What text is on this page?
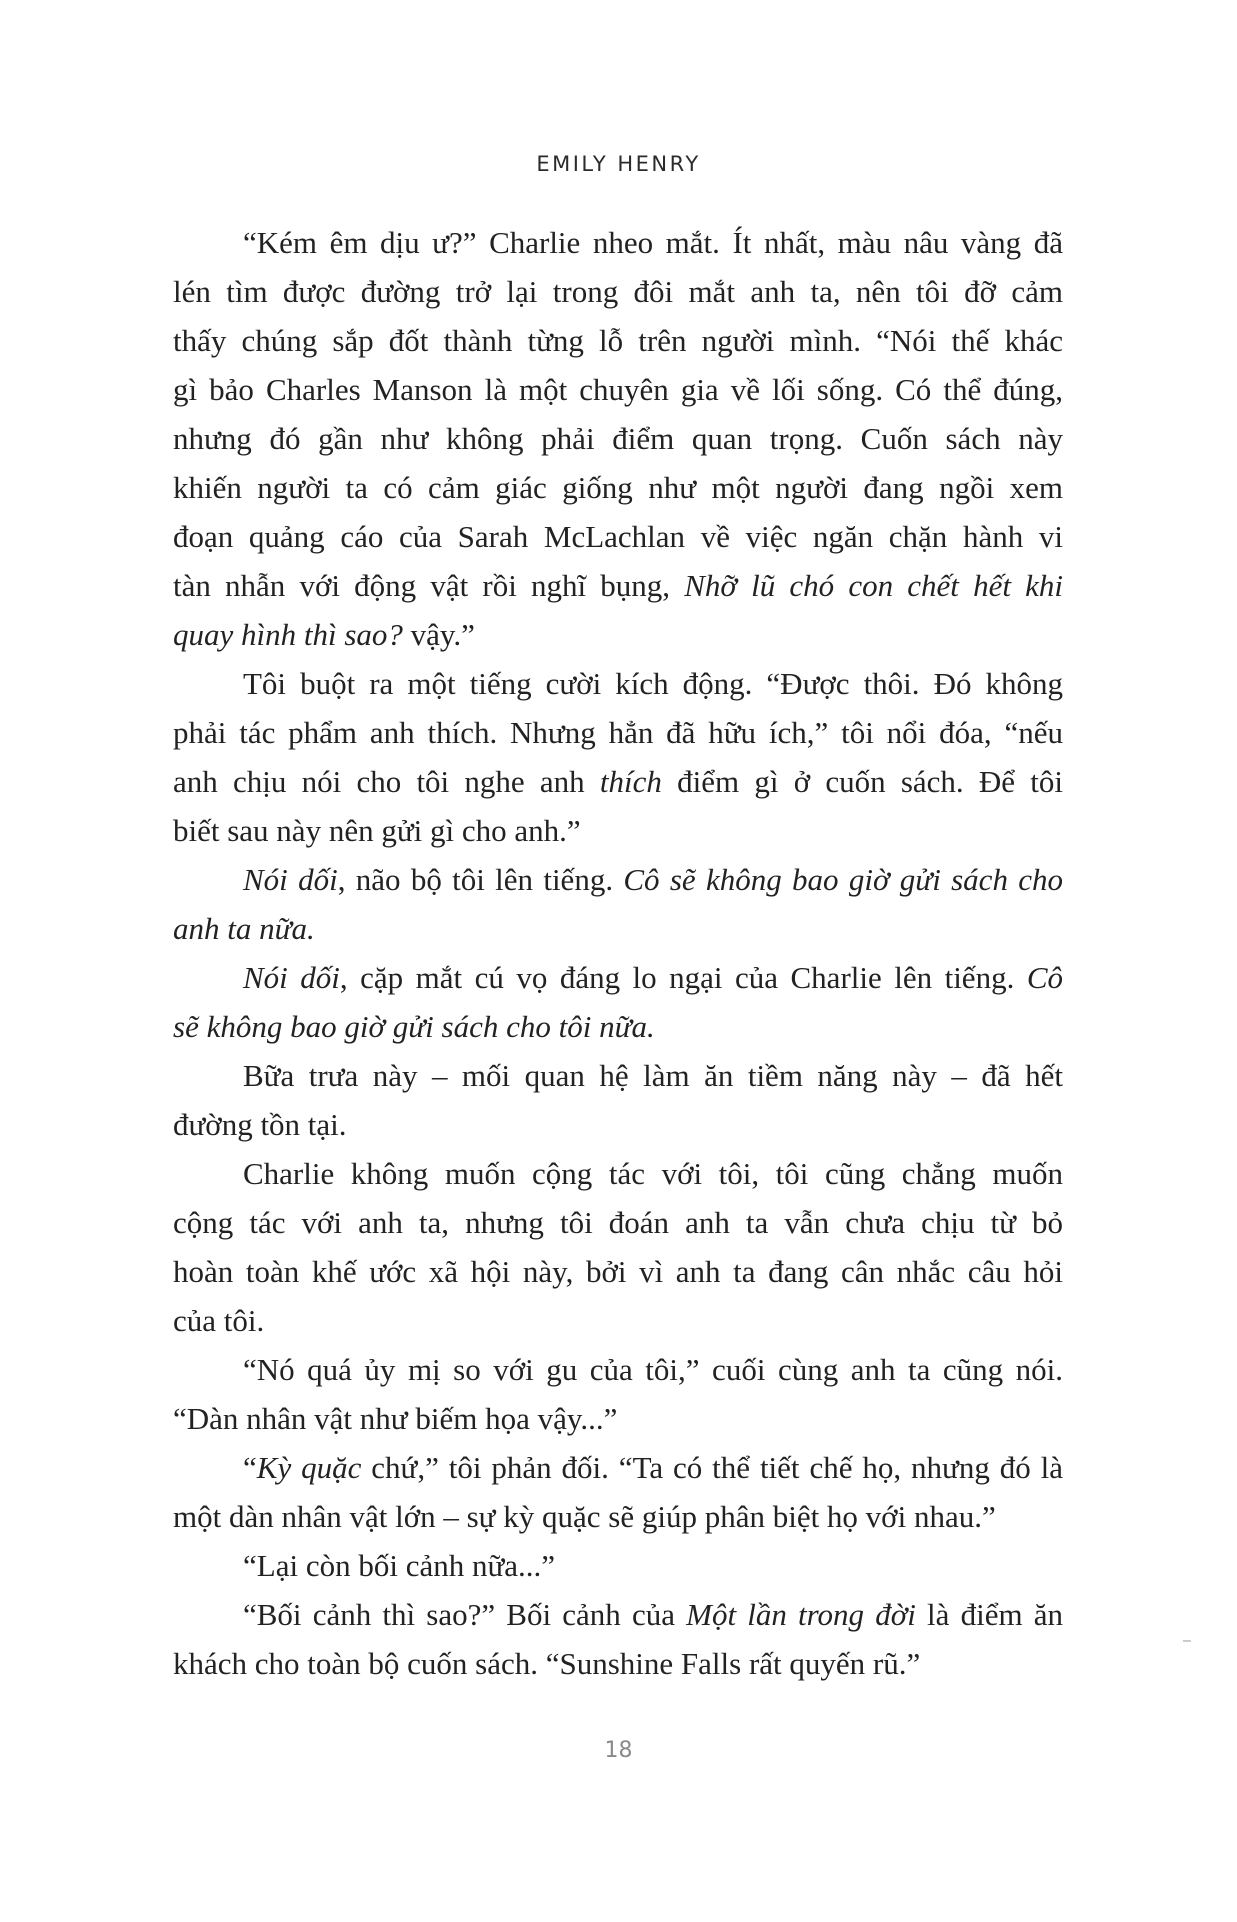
EMILY HENRY
“Kém êm dịu ư?” Charlie nheo mắt. Ít nhất, màu nâu vàng đã
lén tìm được đường trở lại trong đôi mắt anh ta, nên tôi đỡ cảm
thấy chúng sắp đốt thành từng lỗ trên người mình. “Nói thế khác
gì bảo Charles Manson là một chuyên gia về lối sống. Có thể đúng,
nhưng đó gần như không phải điểm quan trọng. Cuốn sách này
khiến người ta có cảm giác giống như một người đang ngồi xem
đoạn quảng cáo của Sarah McLachlan về việc ngăn chặn hành vi
tàn nhẫn với động vật rồi nghĩ bụng, Nhỡ lũ chó con chết hết khi
quay hình thì sao? vậy.”
Tôi buột ra một tiếng cười kích động. “Được thôi. Đó không
phải tác phẩm anh thích. Nhưng hẳn đã hữu ích,” tôi nổi đóa, “nếu
anh chịu nói cho tôi nghe anh thích điểm gì ở cuốn sách. Để tôi
biết sau này nên gửi gì cho anh.”
Nói dối, não bộ tôi lên tiếng. Cô sẽ không bao giờ gửi sách cho
anh ta nữa.
Nói dối, cặp mắt cú vọ đáng lo ngại của Charlie lên tiếng. Cô
sẽ không bao giờ gửi sách cho tôi nữa.
Bữa trưa này – mối quan hệ làm ăn tiềm năng này – đã hết
đường tồn tại.
Charlie không muốn cộng tác với tôi, tôi cũng chẳng muốn
cộng tác với anh ta, nhưng tôi đoán anh ta vẫn chưa chịu từ bỏ
hoàn toàn khế ước xã hội này, bởi vì anh ta đang cân nhắc câu hỏi
của tôi.
“Nó quá ủy mị so với gu của tôi,” cuối cùng anh ta cũng nói.
“Dàn nhân vật như biếm họa vậy...”
“Kỳ quặc chứ,” tôi phản đối. “Ta có thể tiết chế họ, nhưng đó là
một dàn nhân vật lớn – sự kỳ quặc sẽ giúp phân biệt họ với nhau.”
“Lại còn bối cảnh nữa...”
“Bối cảnh thì sao?” Bối cảnh của Một lần trong đời là điểm ăn
khách cho toàn bộ cuốn sách. “Sunshine Falls rất quyến rũ.”
18
